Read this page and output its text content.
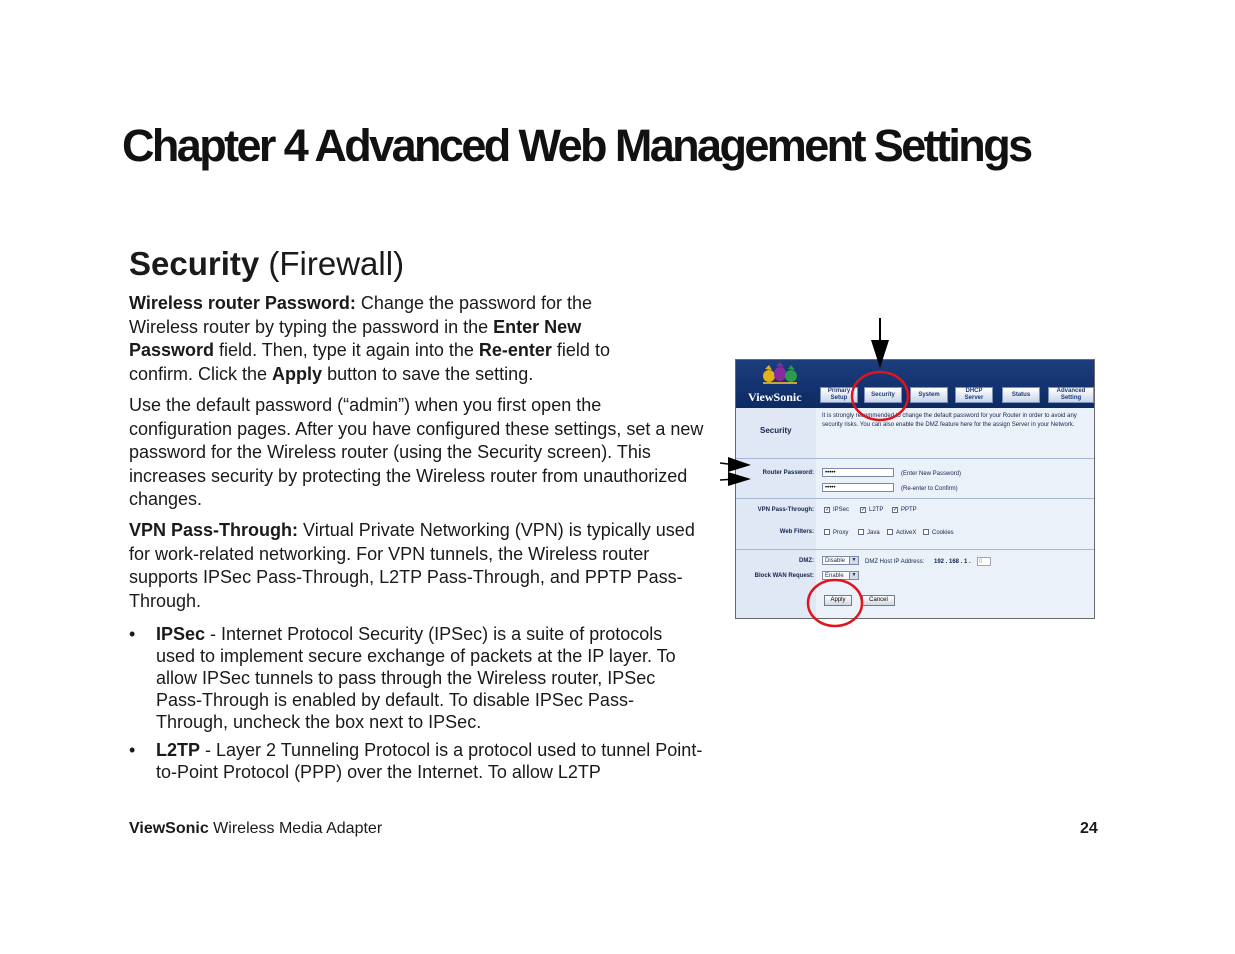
Chapter 4 Advanced Web Management Settings
Security (Firewall)

Wireless router Password: Change the password for the Wireless router by typing the password in the Enter New Password field. Then, type it again into the Re-enter field to confirm. Click the Apply button to save the setting.

Use the default password (“admin”) when you first open the configuration pages. After you have configured these settings, set a new password for the Wireless router (using the Security screen). This increases security by protecting the Wireless router from unauthorized changes.

VPN Pass-Through: Virtual Private Networking (VPN) is typically used for work-related networking. For VPN tunnels, the Wireless router supports IPSec Pass-Through, L2TP Pass-Through, and PPTP Pass-Through.

• IPSec - Internet Protocol Security (IPSec) is a suite of protocols used to implement secure exchange of packets at the IP layer. To allow IPSec tunnels to pass through the Wireless router, IPSec Pass-Through is enabled by default. To disable IPSec Pass-Through, uncheck the box next to IPSec.
• L2TP - Layer 2 Tunneling Protocol is a protocol used to tunnel Point-to-Point Protocol (PPP) over the Internet. To allow L2TP
ViewSonic Wireless Media Adapter	24
ViewSonic	Primary Setup
Security	System
DHCP Server
Status
Advanced Setting
Security
It is strongly recommended to change the default password for your Router in order to avoid any security risks. You can also enable the DMZ feature here for the assign Server in your Network.
Router Password:	•••••	(Enter New Password)
•••••	(Re-enter to Confirm)
VPN Pass-Through: ✓ IPSec ✓ L2TP ✓ PPTP
Web Filters:	Proxy	Java	ActiveX	Cookies
DMZ:	Disable	▼ DMZ Host IP Address: 192 . 168 . 1 .	0
Block WAN Request:	Enable	▼
Apply	Cancel
